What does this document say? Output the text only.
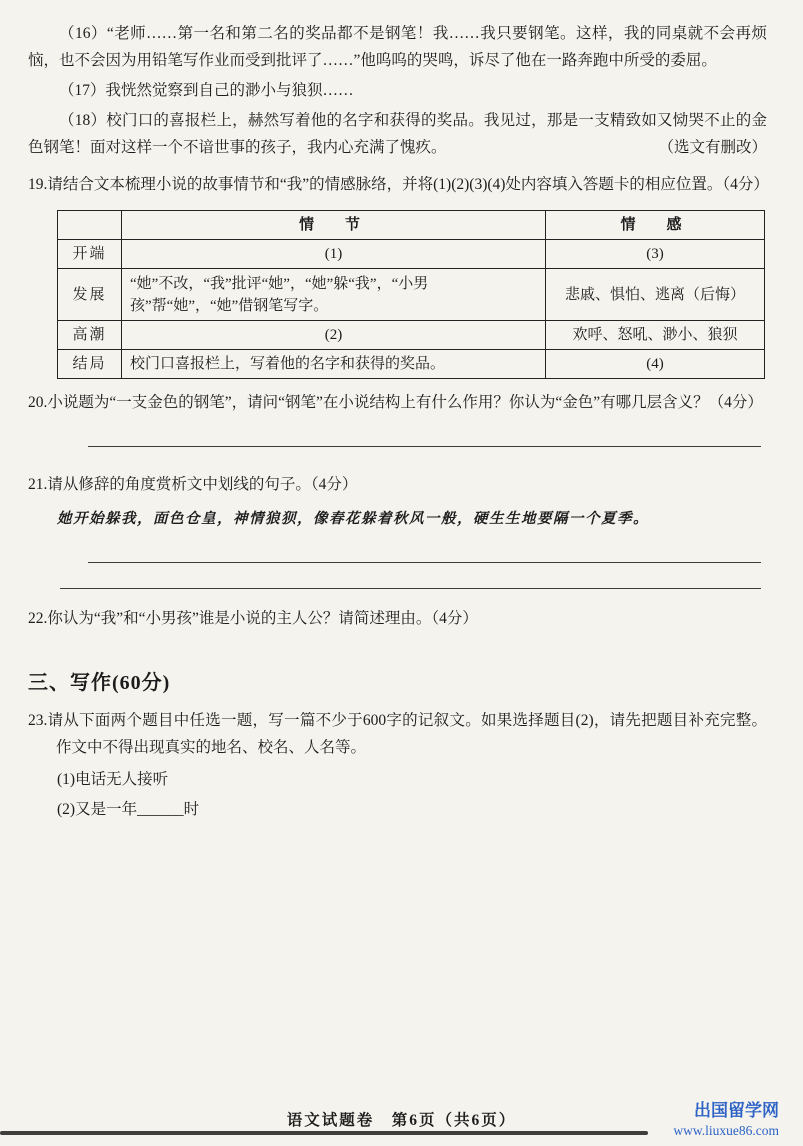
（16）“老师……第一名和第二名的奖品都不是钢笔！我……我只要钢笔。这样，我的同桌就不会再烦恼，也不会因为用铅笔写作业而受到批评了……”他呜呜的哭鸣，诉尽了他在一路奔跑中所受的委屈。

（17）我恍然觉察到自己的渺小与狼狈……

（18）校门口的喜报栏上，赫然写着他的名字和获得的奖品。我见过，那是一支精致如又恸哭不止的金色钢笔！面对这样一个不谙世事的孩子，我内心充满了愧疚。	（选文有删改）

19.请结合文本梳理小说的故事情节和“我”的情感脉络，并将(1)(2)(3)(4)处内容填入答题卡的相应位置。（4分）

	情　节	情　感
开端	(1)	(3)
发展	“她”不改，“我”批评“她”，“她”躲“我”，“小男孩”帮“她”，“她”借钢笔写字。	悲戚、惧怕、逃离（后悔）
高潮	(2)	欢呼、怒吼、渺小、狼狈
结局	校门口喜报栏上，写着他的名字和获得的奖品。	(4)

20.小说题为“一支金色的钢笔”，请问“钢笔”在小说结构上有什么作用？你认为“金色”有哪几层含义？（4分）

21.请从修辞的角度赏析文中划线的句子。（4分）

她开始躲我，面色仓皇，神情狼狈，像春花躲着秋风一般，硬生生地要隔一个夏季。

22.你认为“我”和“小男孩”谁是小说的主人公？请简述理由。（4分）

三、写作(60分)

23.请从下面两个题目中任选一题，写一篇不少于600字的记叙文。如果选择题目(2)，请先把题目补充完整。作文中不得出现真实的地名、校名、人名等。

(1)电话无人接听

(2)又是一年______时

语文试题卷　第6页（共6页）
出国留学网
www.liuxue86.com
